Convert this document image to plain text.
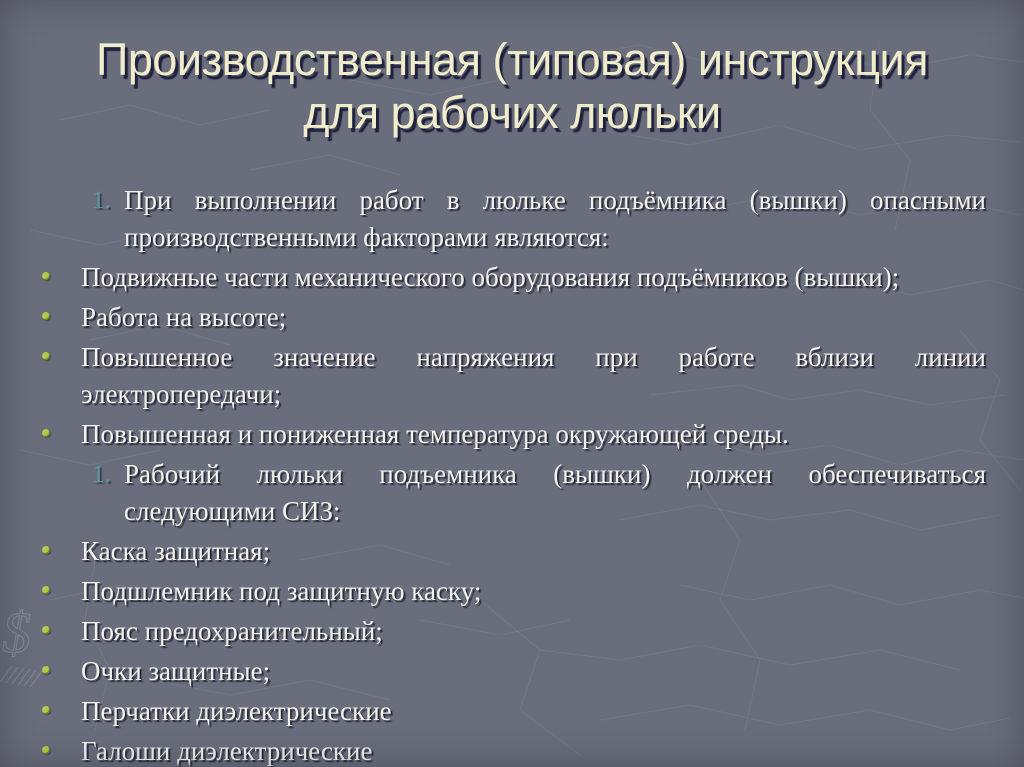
$
Производственная (типовая) инструкция
для рабочих люльки
1. При выполнении работ в люльке подъёмника (вышки) опасными производственными факторами являются:
Подвижные части механического оборудования подъёмников (вышки);
Работа на высоте;
Повышенное значение напряжения при работе вблизи линии электропередачи;
Повышенная и пониженная температура окружающей среды.
1. Рабочий люльки подъемника (вышки) должен обеспечиваться следующими СИЗ:
Каска защитная;
Подшлемник под защитную каску;
Пояс предохранительный;
Очки защитные;
Перчатки диэлектрические
Галоши диэлектрические
